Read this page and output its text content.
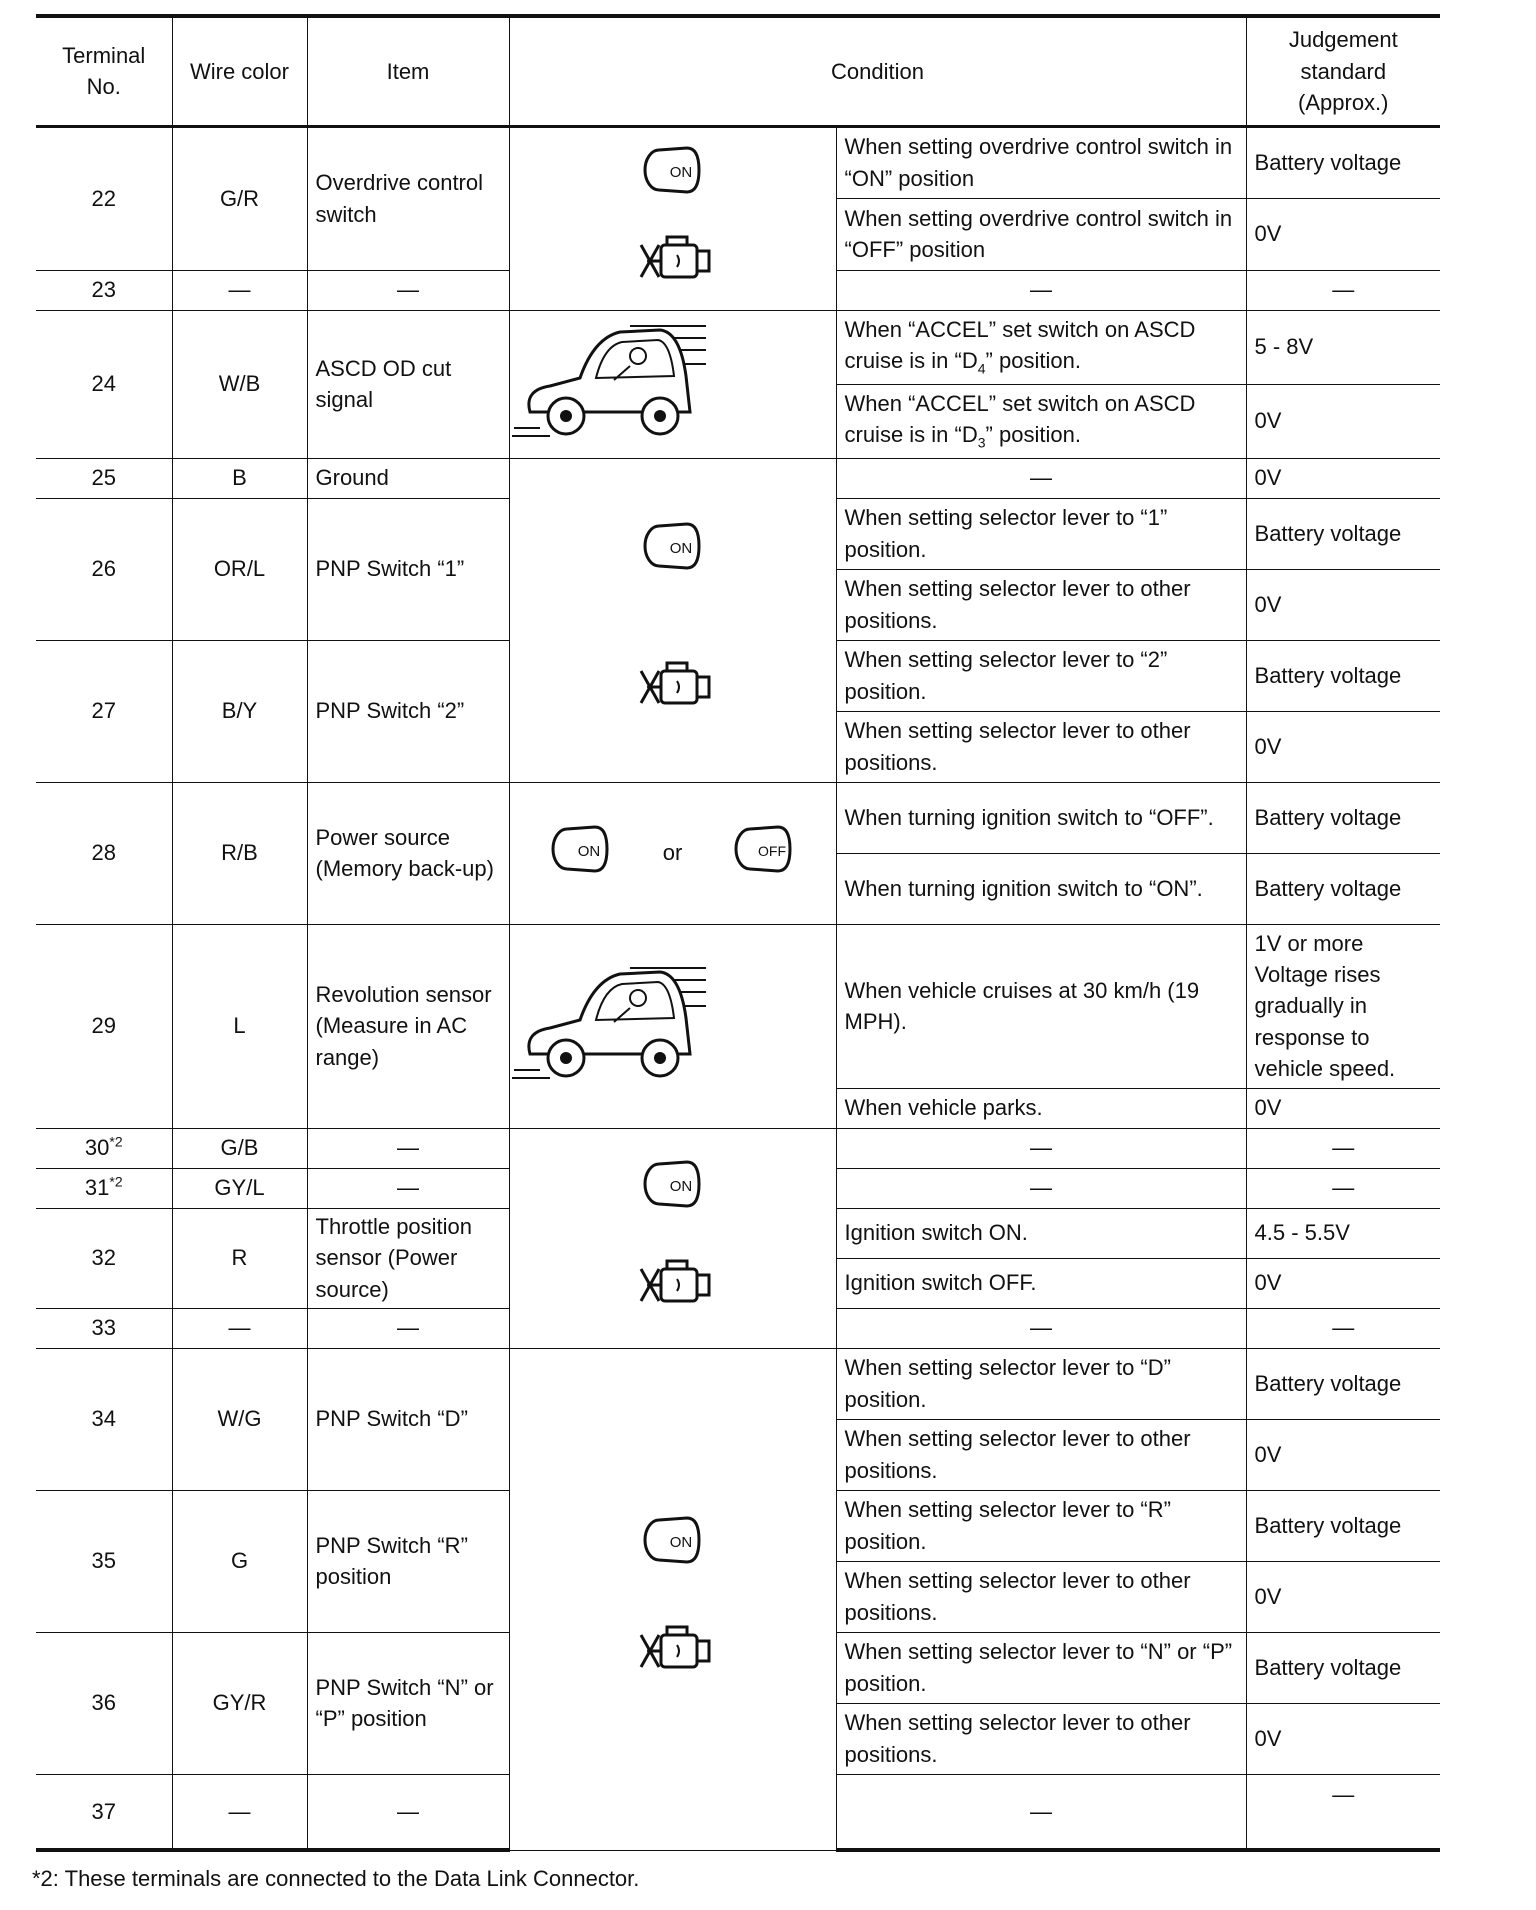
Terminal No.	Wire color	Item	Condition		Judgement standard (Approx.)
22	G/R	Overdrive control switch	ON	When setting overdrive control switch in “ON” position	Battery voltage
				When setting overdrive control switch in “OFF” position	0V
23	—	—		—	—
24	W/B	ASCD OD cut signal		When “ACCEL” set switch on ASCD cruise is in “$D_4$” position.	5 - 8V
				When “ACCEL” set switch on ASCD cruise is in “$D_3$” position.	0V
25	B	Ground	ON	—	0V
26	OR/L	PNP Switch “1”		When setting selector lever to “1” position.	Battery voltage
				When setting selector lever to other positions.	0V
27	B/Y	PNP Switch “2”		When setting selector lever to “2” position.	Battery voltage
				When setting selector lever to other positions.	0V
28	R/B	Power source (Memory back-up)	ON or OFF	When turning ignition switch to “OFF”.	Battery voltage
				When turning ignition switch to “ON”.	Battery voltage
29	L	Revolution sensor (Measure in AC range)		When vehicle cruises at 30 km/h (19 MPH).	1V or more Voltage rises gradually in response to vehicle speed.
				When vehicle parks.	0V
30$^{*2}$	G/B	—	ON	—	—
31$^{*2}$	GY/L	—		—	—
32	R	Throttle position sensor (Power source)		Ignition switch ON.	4.5 - 5.5V
				Ignition switch OFF.	0V
33	—	—		—	—
34	W/G	PNP Switch “D”	ON	When setting selector lever to “D” position.	Battery voltage
				When setting selector lever to other positions.	0V
35	G	PNP Switch “R” position		When setting selector lever to “R” position.	Battery voltage
				When setting selector lever to other positions.	0V
36	GY/R	PNP Switch “N” or “P” position		When setting selector lever to “N” or “P” position.	Battery voltage
				When setting selector lever to other positions.	0V
37	—	—		—	—
*2: These terminals are connected to the Data Link Connector.
